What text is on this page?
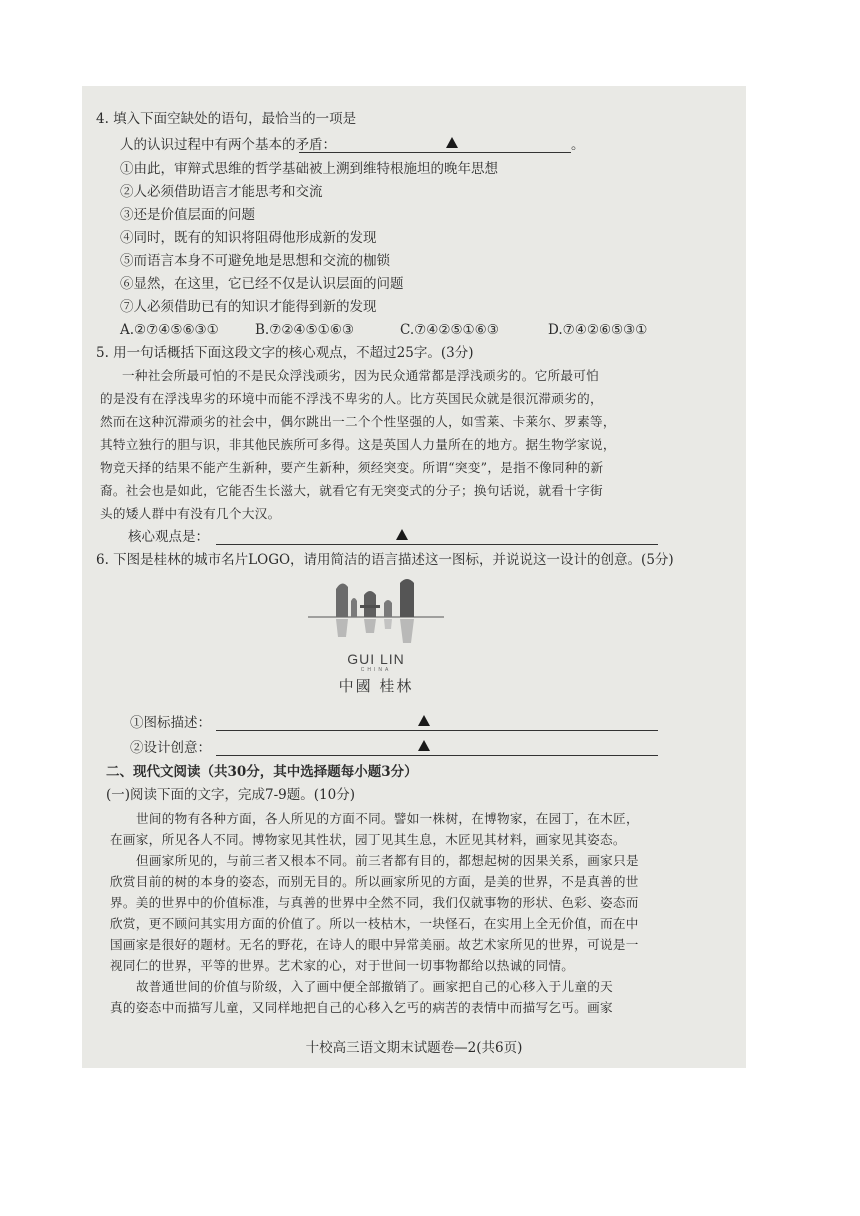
4. 填入下面空缺处的语句，最恰当的一项是
人的认识过程中有两个基本的矛盾：	。
①由此，审辩式思维的哲学基础被上溯到维特根施坦的晚年思想
②人必须借助语言才能思考和交流
③还是价值层面的问题
④同时，既有的知识将阻碍他形成新的发现
⑤而语言本身不可避免地是思想和交流的枷锁
⑥显然，在这里，它已经不仅是认识层面的问题
⑦人必须借助已有的知识才能得到新的发现
A.②⑦④⑤⑥③①	B.⑦②④⑤①⑥③	C.⑦④②⑤①⑥③	D.⑦④②⑥⑤③①
5. 用一句话概括下面这段文字的核心观点，不超过25字。(3分)
一种社会所最可怕的不是民众浮浅顽劣，因为民众通常都是浮浅顽劣的。它所最可怕
的是没有在浮浅卑劣的环境中而能不浮浅不卑劣的人。比方英国民众就是很沉滞顽劣的，
然而在这种沉滞顽劣的社会中，偶尔跳出一二个个性坚强的人，如雪莱、卡莱尔、罗素等，
其特立独行的胆与识，非其他民族所可多得。这是英国人力量所在的地方。据生物学家说，
物竞天择的结果不能产生新种，要产生新种，须经突变。所谓“突变”，是指不像同种的新
裔。社会也是如此，它能否生长滋大，就看它有无突变式的分子；换句话说，就看十字街
头的矮人群中有没有几个大汉。
核心观点是：
6. 下图是桂林的城市名片LOGO，请用简洁的语言描述这一图标，并说说这一设计的创意。(5分)
GUI LIN
CHINA
中國 桂林
①图标描述：
②设计创意：
二、现代文阅读（共30分，其中选择题每小题3分）
(一)阅读下面的文字，完成7-9题。(10分)
世间的物有各种方面，各人所见的方面不同。譬如一株树，在博物家，在园丁，在木匠，
在画家，所见各人不同。博物家见其性状，园丁见其生息，木匠见其材料，画家见其姿态。
但画家所见的，与前三者又根本不同。前三者都有目的，都想起树的因果关系，画家只是
欣赏目前的树的本身的姿态，而别无目的。所以画家所见的方面，是美的世界，不是真善的世
界。美的世界中的价值标准，与真善的世界中全然不同，我们仅就事物的形状、色彩、姿态而
欣赏，更不顾问其实用方面的价值了。所以一枝枯木，一块怪石，在实用上全无价值，而在中
国画家是很好的题材。无名的野花，在诗人的眼中异常美丽。故艺术家所见的世界，可说是一
视同仁的世界，平等的世界。艺术家的心，对于世间一切事物都给以热诚的同情。
故普通世间的价值与阶级，入了画中便全部撤销了。画家把自己的心移入于儿童的天
真的姿态中而描写儿童，又同样地把自己的心移入乞丐的病苦的表情中而描写乞丐。画家
十校高三语文期末试题卷—2(共6页)
